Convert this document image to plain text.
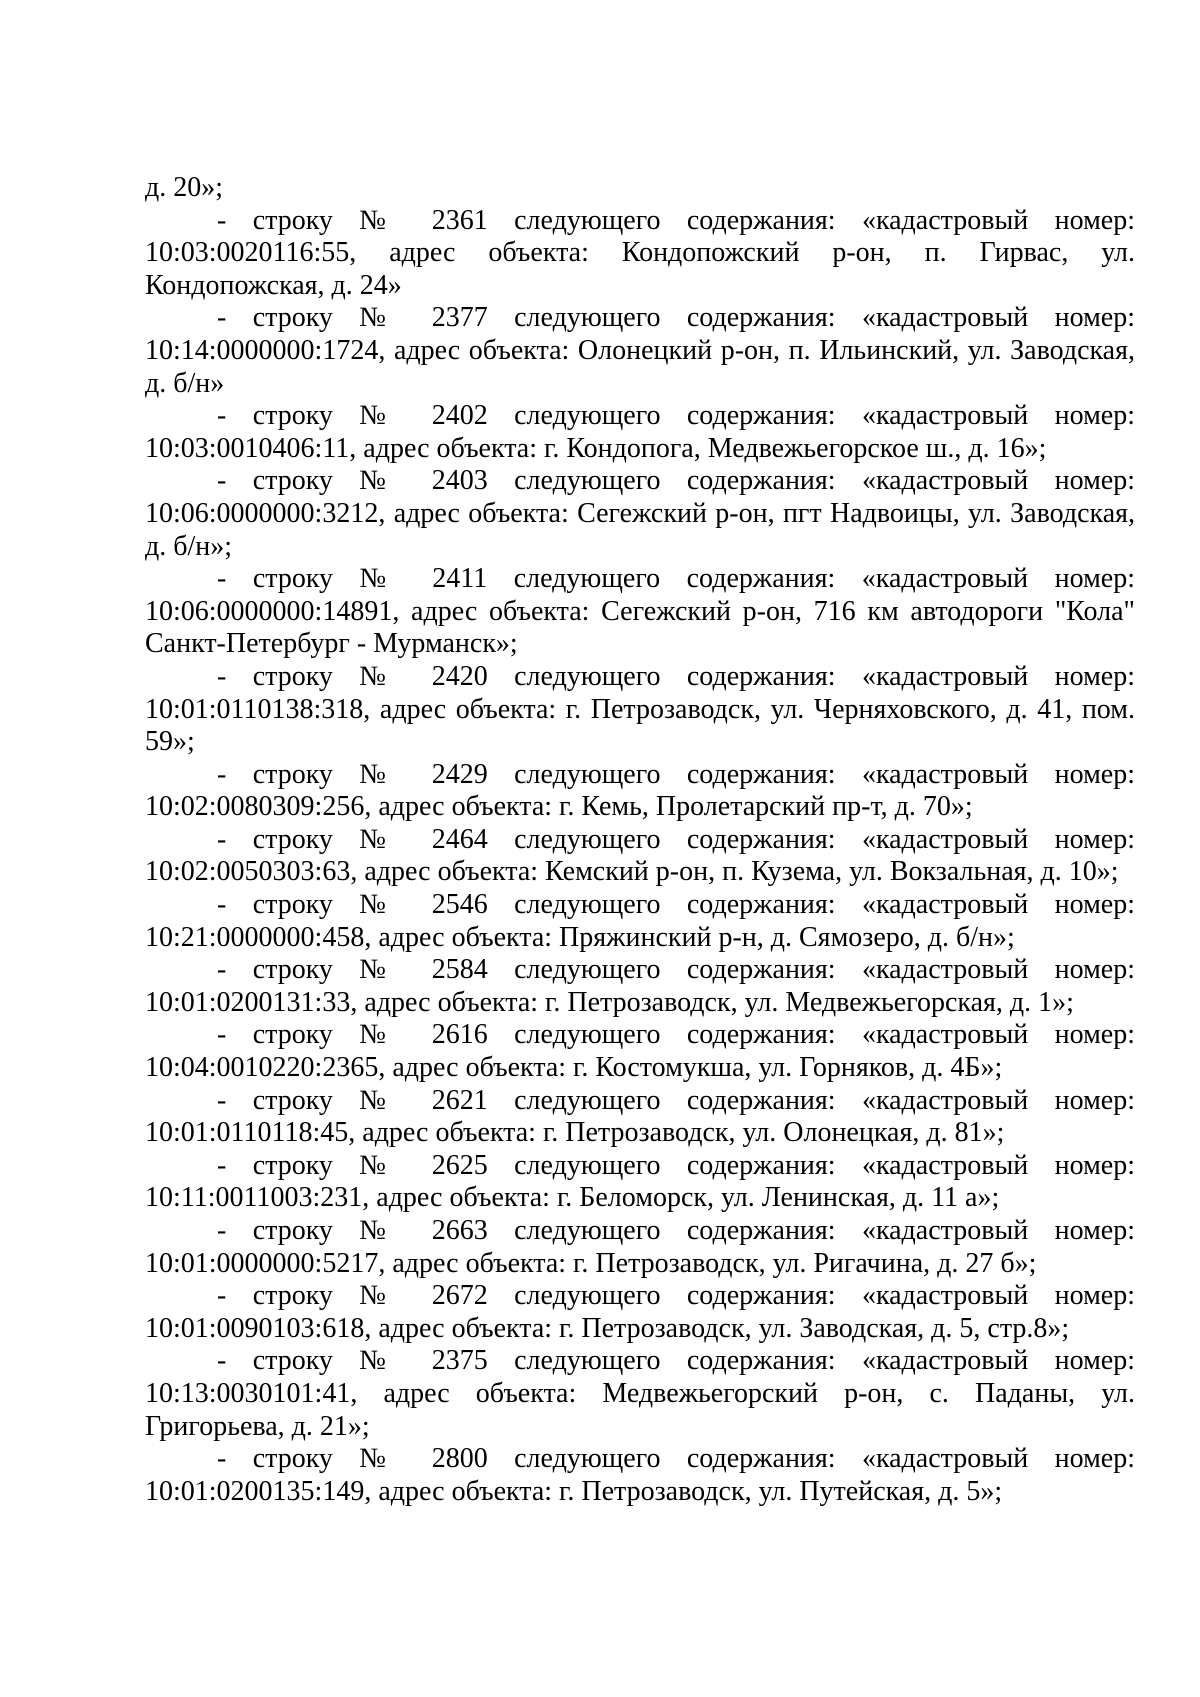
д. 20»;

- строку № 2361 следующего содержания: «кадастровый номер: 10:03:0020116:55, адрес объекта: Кондопожский р-он, п. Гирвас, ул. Кондопожская, д. 24»

- строку № 2377 следующего содержания: «кадастровый номер: 10:14:0000000:1724, адрес объекта: Олонецкий р-он, п. Ильинский, ул. Заводская, д. б/н»

- строку № 2402 следующего содержания: «кадастровый номер: 10:03:0010406:11, адрес объекта: г. Кондопога, Медвежьегорское ш., д. 16»;

- строку № 2403 следующего содержания: «кадастровый номер: 10:06:0000000:3212, адрес объекта: Сегежский р-он, пгт Надвоицы, ул. Заводская, д. б/н»;

- строку № 2411 следующего содержания: «кадастровый номер: 10:06:0000000:14891, адрес объекта: Сегежский р-он, 716 км автодороги "Кола" Санкт-Петербург - Мурманск»;

- строку № 2420 следующего содержания: «кадастровый номер: 10:01:0110138:318, адрес объекта: г. Петрозаводск, ул. Черняховского, д. 41, пом. 59»;

- строку № 2429 следующего содержания: «кадастровый номер: 10:02:0080309:256, адрес объекта: г. Кемь, Пролетарский пр-т, д. 70»;

- строку № 2464 следующего содержания: «кадастровый номер: 10:02:0050303:63, адрес объекта: Кемский р-он, п. Кузема, ул. Вокзальная, д. 10»;

- строку № 2546 следующего содержания: «кадастровый номер: 10:21:0000000:458, адрес объекта: Пряжинский р-н, д. Сямозеро, д. б/н»;

- строку № 2584 следующего содержания: «кадастровый номер: 10:01:0200131:33, адрес объекта: г. Петрозаводск, ул. Медвежьегорская, д. 1»;

- строку № 2616 следующего содержания: «кадастровый номер: 10:04:0010220:2365, адрес объекта: г. Костомукша, ул. Горняков, д. 4Б»;

- строку № 2621 следующего содержания: «кадастровый номер: 10:01:0110118:45, адрес объекта: г. Петрозаводск, ул. Олонецкая, д. 81»;

- строку № 2625 следующего содержания: «кадастровый номер: 10:11:0011003:231, адрес объекта: г. Беломорск, ул. Ленинская, д. 11 а»;

- строку № 2663 следующего содержания: «кадастровый номер: 10:01:0000000:5217, адрес объекта: г. Петрозаводск, ул. Ригачина, д. 27 б»;

- строку № 2672 следующего содержания: «кадастровый номер: 10:01:0090103:618, адрес объекта: г. Петрозаводск, ул. Заводская, д. 5, стр.8»;

- строку № 2375 следующего содержания: «кадастровый номер: 10:13:0030101:41, адрес объекта: Медвежьегорский р-он, с. Паданы, ул. Григорьева, д. 21»;

- строку № 2800 следующего содержания: «кадастровый номер: 10:01:0200135:149, адрес объекта: г. Петрозаводск, ул. Путейская, д. 5»;
